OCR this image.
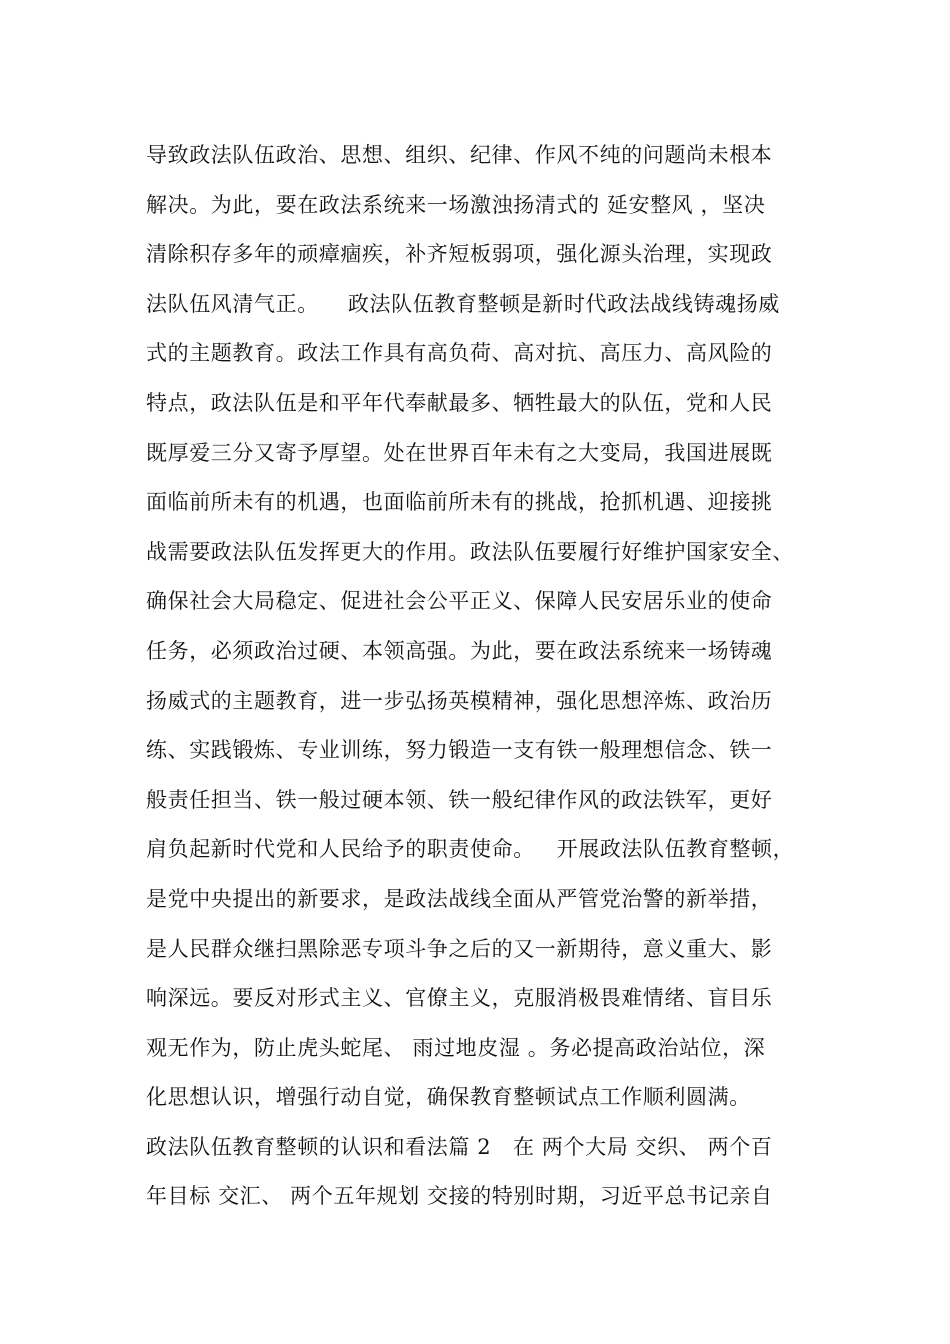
导致政法队伍政治、思想、组织、纪律、作风不纯的问题尚未根本
解决。为此，要在政法系统来一场激浊扬清式的 延安整风 ，坚决
清除积存多年的顽瘴痼疾，补齐短板弱项，强化源头治理，实现政
法队伍风清气正。    政法队伍教育整顿是新时代政法战线铸魂扬威
式的主题教育。政法工作具有高负荷、高对抗、高压力、高风险的
特点，政法队伍是和平年代奉献最多、牺牲最大的队伍，党和人民
既厚爱三分又寄予厚望。处在世界百年未有之大变局，我国进展既
面临前所未有的机遇，也面临前所未有的挑战，抢抓机遇、迎接挑
战需要政法队伍发挥更大的作用。政法队伍要履行好维护国家安全、
确保社会大局稳定、促进社会公平正义、保障人民安居乐业的使命
任务，必须政治过硬、本领高强。为此，要在政法系统来一场铸魂
扬威式的主题教育，进一步弘扬英模精神，强化思想淬炼、政治历
练、实践锻炼、专业训练，努力锻造一支有铁一般理想信念、铁一
般责任担当、铁一般过硬本领、铁一般纪律作风的政法铁军，更好
肩负起新时代党和人民给予的职责使命。   开展政法队伍教育整顿，
是党中央提出的新要求，是政法战线全面从严管党治警的新举措，
是人民群众继扫黑除恶专项斗争之后的又一新期待，意义重大、影
响深远。要反对形式主义、官僚主义，克服消极畏难情绪、盲目乐
观无作为，防止虎头蛇尾、 雨过地皮湿 。务必提高政治站位，深
化思想认识，增强行动自觉，确保教育整顿试点工作顺利圆满。
政法队伍教育整顿的认识和看法篇 2   在 两个大局 交织、 两个百
年目标 交汇、 两个五年规划 交接的特别时期，习近平总书记亲自
